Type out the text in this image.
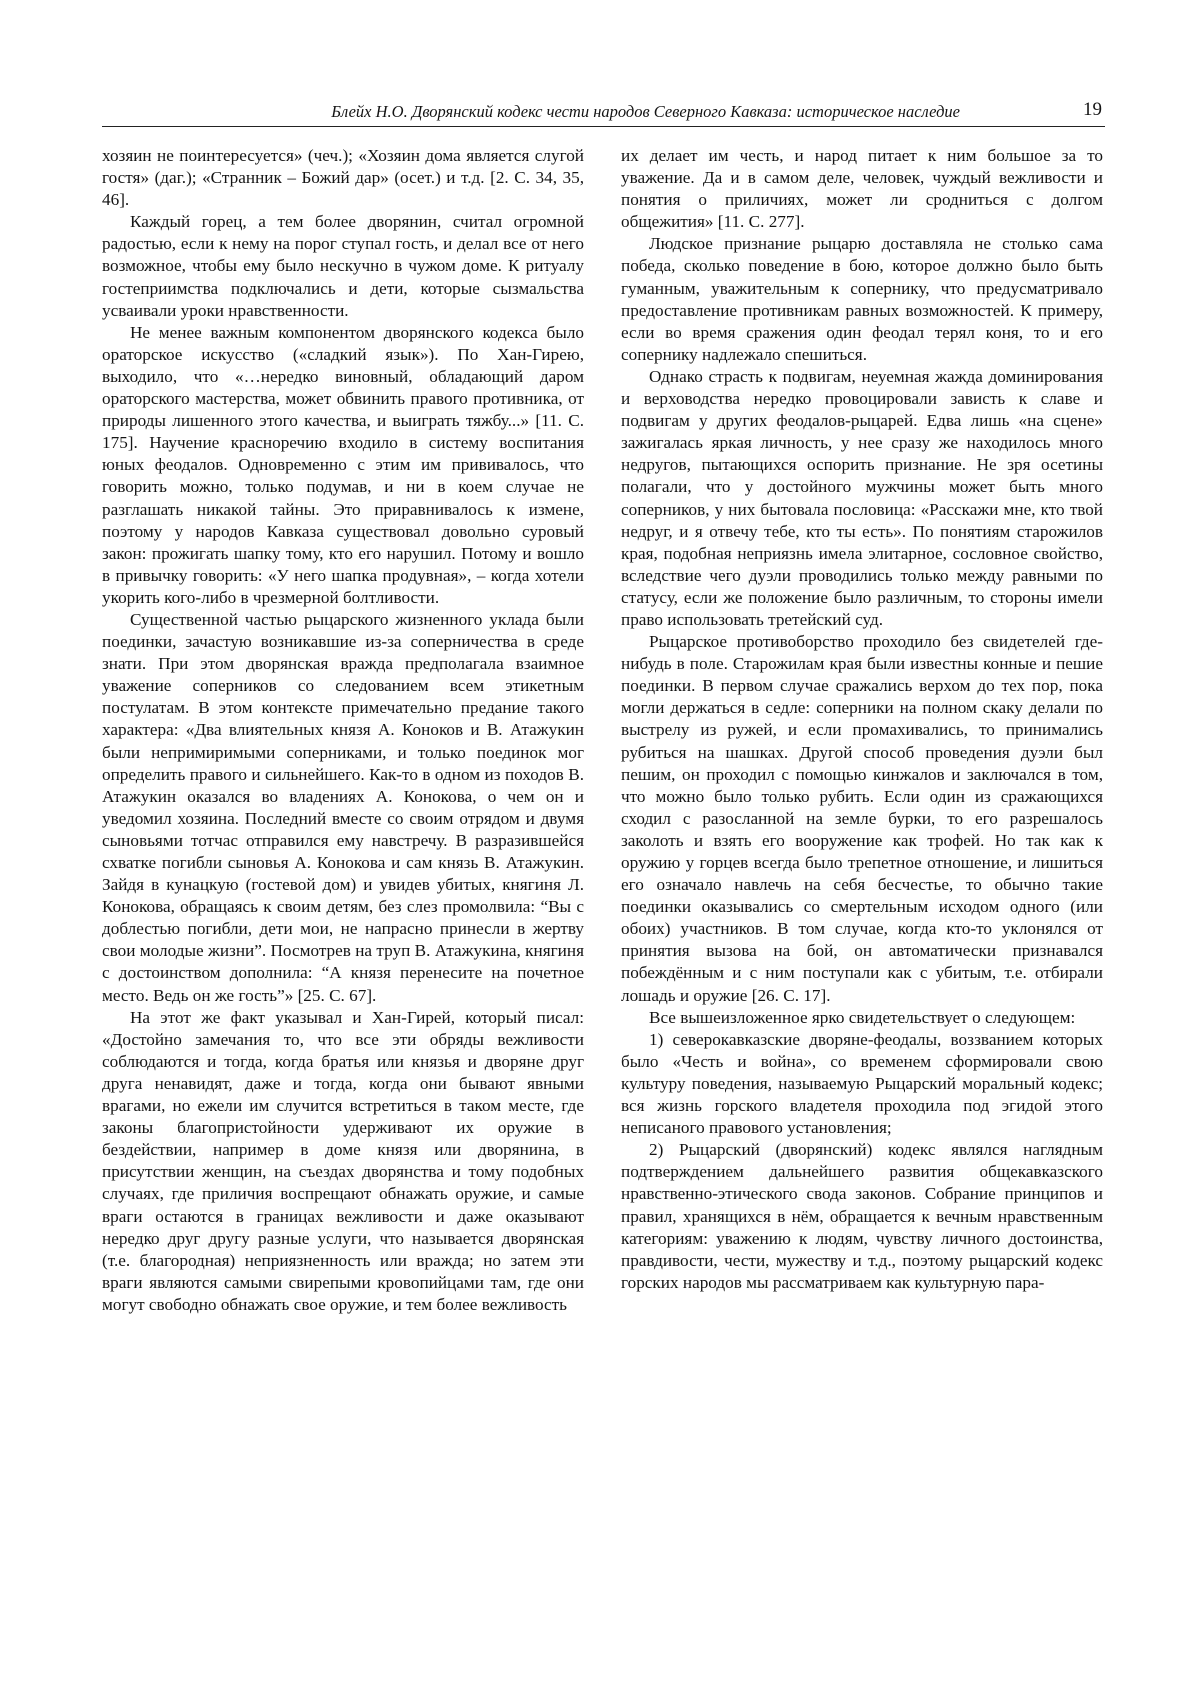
Блейх Н.О. Дворянский кодекс чести народов Северного Кавказа: историческое наследие	19

хозяин не поинтересуется» (чеч.); «Хозяин дома является слугой гостя» (даг.); «Странник – Божий дар» (осет.) и т.д. [2. С. 34, 35, 46].

Каждый горец, а тем более дворянин, считал огромной радостью, если к нему на порог ступал гость, и делал все от него возможное, чтобы ему было нескучно в чужом доме. К ритуалу гостеприимства подключались и дети, которые сызмальства усваивали уроки нравственности.

Не менее важным компонентом дворянского кодекса было ораторское искусство («сладкий язык»). По Хан-Гирею, выходило, что «…нередко виновный, обладающий даром ораторского мастерства, может обвинить правого противника, от природы лишенного этого качества, и выиграть тяжбу...» [11. С. 175]. Научение красноречию входило в систему воспитания юных феодалов. Одновременно с этим им прививалось, что говорить можно, только подумав, и ни в коем случае не разглашать никакой тайны. Это приравнивалось к измене, поэтому у народов Кавказа существовал довольно суровый закон: прожигать шапку тому, кто его нарушил. Потому и вошло в привычку говорить: «У него шапка продувная», – когда хотели укорить кого-либо в чрезмерной болтливости.

Существенной частью рыцарского жизненного уклада были поединки, зачастую возникавшие из-за соперничества в среде знати. При этом дворянская вражда предполагала взаимное уважение соперников со следованием всем этикетным постулатам. В этом контексте примечательно предание такого характера: «Два влиятельных князя А. Коноков и В. Атажукин были непримиримыми соперниками, и только поединок мог определить правого и сильнейшего. Как-то в одном из походов В. Атажукин оказался во владениях А. Конокова, о чем он и уведомил хозяина. Последний вместе со своим отрядом и двумя сыновьями тотчас отправился ему навстречу. В разразившейся схватке погибли сыновья А. Конокова и сам князь В. Атажукин. Зайдя в кунацкую (гостевой дом) и увидев убитых, княгиня Л. Конокова, обращаясь к своим детям, без слез промолвила: “Вы с доблестью погибли, дети мои, не напрасно принесли в жертву свои молодые жизни”. Посмотрев на труп В. Атажукина, княгиня с достоинством дополнила: “А князя перенесите на почетное место. Ведь он же гость”» [25. С. 67].

На этот же факт указывал и Хан-Гирей, который писал: «Достойно замечания то, что все эти обряды вежливости соблюдаются и тогда, когда братья или князья и дворяне друг друга ненавидят, даже и тогда, когда они бывают явными врагами, но ежели им случится встретиться в таком месте, где законы благопристойности удерживают их оружие в бездействии, например в доме князя или дворянина, в присутствии женщин, на съездах дворянства и тому подобных случаях, где приличия воспрещают обнажать оружие, и самые враги остаются в границах вежливости и даже оказывают нередко друг другу разные услуги, что называется дворянская (т.е. благородная) неприязненность или вражда; но затем эти враги являются самыми свирепыми кровопийцами там, где они могут свободно обнажать свое оружие, и тем более вежливость

их делает им честь, и народ питает к ним большое за то уважение. Да и в самом деле, человек, чуждый вежливости и понятия о приличиях, может ли сродниться с долгом общежития» [11. С. 277].

Людское признание рыцарю доставляла не столько сама победа, сколько поведение в бою, которое должно было быть гуманным, уважительным к сопернику, что предусматривало предоставление противникам равных возможностей. К примеру, если во время сражения один феодал терял коня, то и его сопернику надлежало спешиться.

Однако страсть к подвигам, неуемная жажда доминирования и верховодства нередко провоцировали зависть к славе и подвигам у других феодалов-рыцарей. Едва лишь «на сцене» зажигалась яркая личность, у нее сразу же находилось много недругов, пытающихся оспорить признание. Не зря осетины полагали, что у достойного мужчины может быть много соперников, у них бытовала пословица: «Расскажи мне, кто твой недруг, и я отвечу тебе, кто ты есть». По понятиям старожилов края, подобная неприязнь имела элитарное, сословное свойство, вследствие чего дуэли проводились только между равными по статусу, если же положение было различным, то стороны имели право использовать третейский суд.

Рыцарское противоборство проходило без свидетелей где-нибудь в поле. Старожилам края были известны конные и пешие поединки. В первом случае сражались верхом до тех пор, пока могли держаться в седле: соперники на полном скаку делали по выстрелу из ружей, и если промахивались, то принимались рубиться на шашках. Другой способ проведения дуэли был пешим, он проходил с помощью кинжалов и заключался в том, что можно было только рубить. Если один из сражающихся сходил с разосланной на земле бурки, то его разрешалось заколоть и взять его вооружение как трофей. Но так как к оружию у горцев всегда было трепетное отношение, и лишиться его означало навлечь на себя бесчестье, то обычно такие поединки оказывались со смертельным исходом одного (или обоих) участников. В том случае, когда кто-то уклонялся от принятия вызова на бой, он автоматически признавался побеждённым и с ним поступали как с убитым, т.е. отбирали лошадь и оружие [26. С. 17].

Все вышеизложенное ярко свидетельствует о следующем:

1) северокавказские дворяне-феодалы, воззванием которых было «Честь и война», со временем сформировали свою культуру поведения, называемую Рыцарский моральный кодекс; вся жизнь горского владетеля проходила под эгидой этого неписаного правового установления;

2) Рыцарский (дворянский) кодекс являлся наглядным подтверждением дальнейшего развития общекавказского нравственно-этического свода законов. Собрание принципов и правил, хранящихся в нём, обращается к вечным нравственным категориям: уважению к людям, чувству личного достоинства, правдивости, чести, мужеству и т.д., поэтому рыцарский кодекс горских народов мы рассматриваем как культурную пара-
